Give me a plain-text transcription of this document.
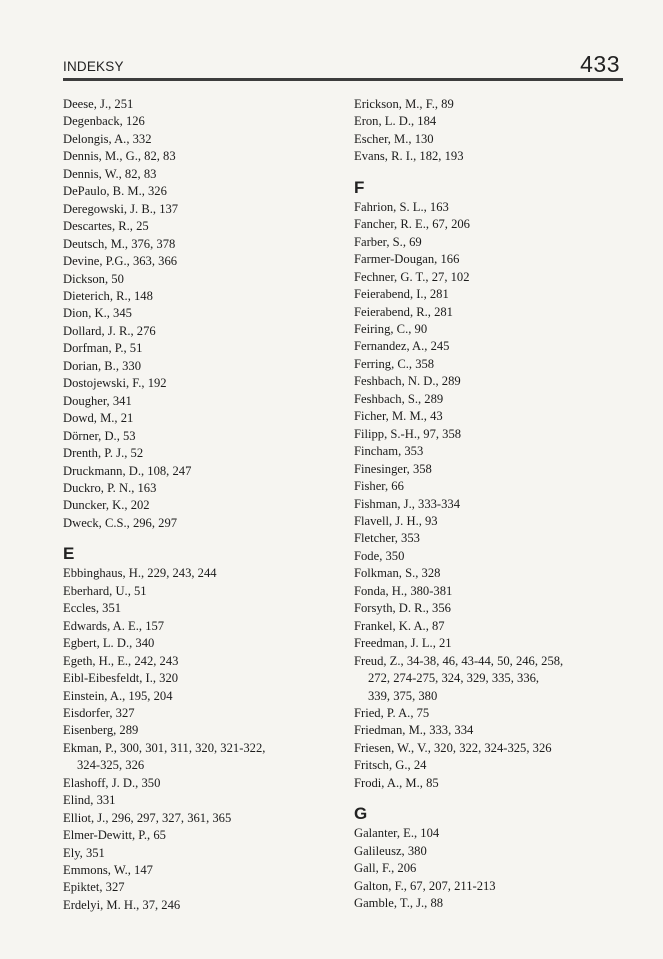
INDEKSY	433
Deese, J., 251
Degenback, 126
Delongis, A., 332
Dennis, M., G., 82, 83
Dennis, W., 82, 83
DePaulo, B. M., 326
Deregowski, J. B., 137
Descartes, R., 25
Deutsch, M., 376, 378
Devine, P.G., 363, 366
Dickson, 50
Dieterich, R., 148
Dion, K., 345
Dollard, J. R., 276
Dorfman, P., 51
Dorian, B., 330
Dostojewski, F., 192
Dougher, 341
Dowd, M., 21
Dörner, D., 53
Drenth, P. J., 52
Druckmann, D., 108, 247
Duckro, P. N., 163
Duncker, K., 202
Dweck, C.S., 296, 297
E
Ebbinghaus, H., 229, 243, 244
Eberhard, U., 51
Eccles, 351
Edwards, A. E., 157
Egbert, L. D., 340
Egeth, H., E., 242, 243
Eibl-Eibesfeldt, I., 320
Einstein, A., 195, 204
Eisdorfer, 327
Eisenberg, 289
Ekman, P., 300, 301, 311, 320, 321-322,
324-325, 326
Elashoff, J. D., 350
Elind, 331
Elliot, J., 296, 297, 327, 361, 365
Elmer-Dewitt, P., 65
Ely, 351
Emmons, W., 147
Epiktet, 327
Erdelyi, M. H., 37, 246
Erickson, M., F., 89
Eron, L. D., 184
Escher, M., 130
Evans, R. I., 182, 193
F
Fahrion, S. L., 163
Fancher, R. E., 67, 206
Farber, S., 69
Farmer-Dougan, 166
Fechner, G. T., 27, 102
Feierabend, I., 281
Feierabend, R., 281
Feiring, C., 90
Fernandez, A., 245
Ferring, C., 358
Feshbach, N. D., 289
Feshbach, S., 289
Ficher, M. M., 43
Filipp, S.-H., 97, 358
Fincham, 353
Finesinger, 358
Fisher, 66
Fishman, J., 333-334
Flavell, J. H., 93
Fletcher, 353
Fode, 350
Folkman, S., 328
Fonda, H., 380-381
Forsyth, D. R., 356
Frankel, K. A., 87
Freedman, J. L., 21
Freud, Z., 34-38, 46, 43-44, 50, 246, 258,
272, 274-275, 324, 329, 335, 336,
339, 375, 380
Fried, P. A., 75
Friedman, M., 333, 334
Friesen, W., V., 320, 322, 324-325, 326
Fritsch, G., 24
Frodi, A., M., 85
G
Galanter, E., 104
Galileusz, 380
Gall, F., 206
Galton, F., 67, 207, 211-213
Gamble, T., J., 88
